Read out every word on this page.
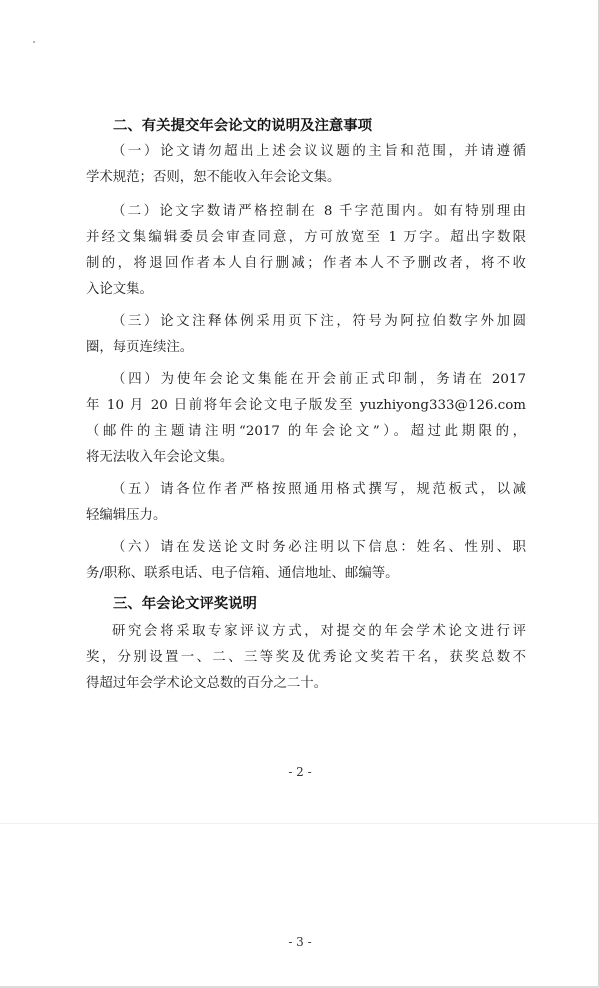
二、有关提交年会论文的说明及注意事项
（一）论文请勿超出上述会议议题的主旨和范围，并请遵循
学术规范；否则，恕不能收入年会论文集。
（二）论文字数请严格控制在 8 千字范围内。如有特别理由
并经文集编辑委员会审查同意，方可放宽至 1 万字。超出字数限
制的，将退回作者本人自行删减；作者本人不予删改者，将不收
入论文集。
（三）论文注释体例采用页下注，符号为阿拉伯数字外加圆
圈，每页连续注。
（四）为使年会论文集能在开会前正式印制，务请在 2017
年 10 月 20 日前将年会论文电子版发至 yuzhiyong333@126.com
（邮件的主题请注明“2017 的年会论文”）。超过此期限的，
将无法收入年会论文集。
（五）请各位作者严格按照通用格式撰写，规范板式，以减
轻编辑压力。
（六）请在发送论文时务必注明以下信息：姓名、性别、职
务/职称、联系电话、电子信箱、通信地址、邮编等。
三、年会论文评奖说明
研究会将采取专家评议方式，对提交的年会学术论文进行评
奖，分别设置一、二、三等奖及优秀论文奖若干名，获奖总数不
得超过年会学术论文总数的百分之二十。
- 2 -
- 3 -
